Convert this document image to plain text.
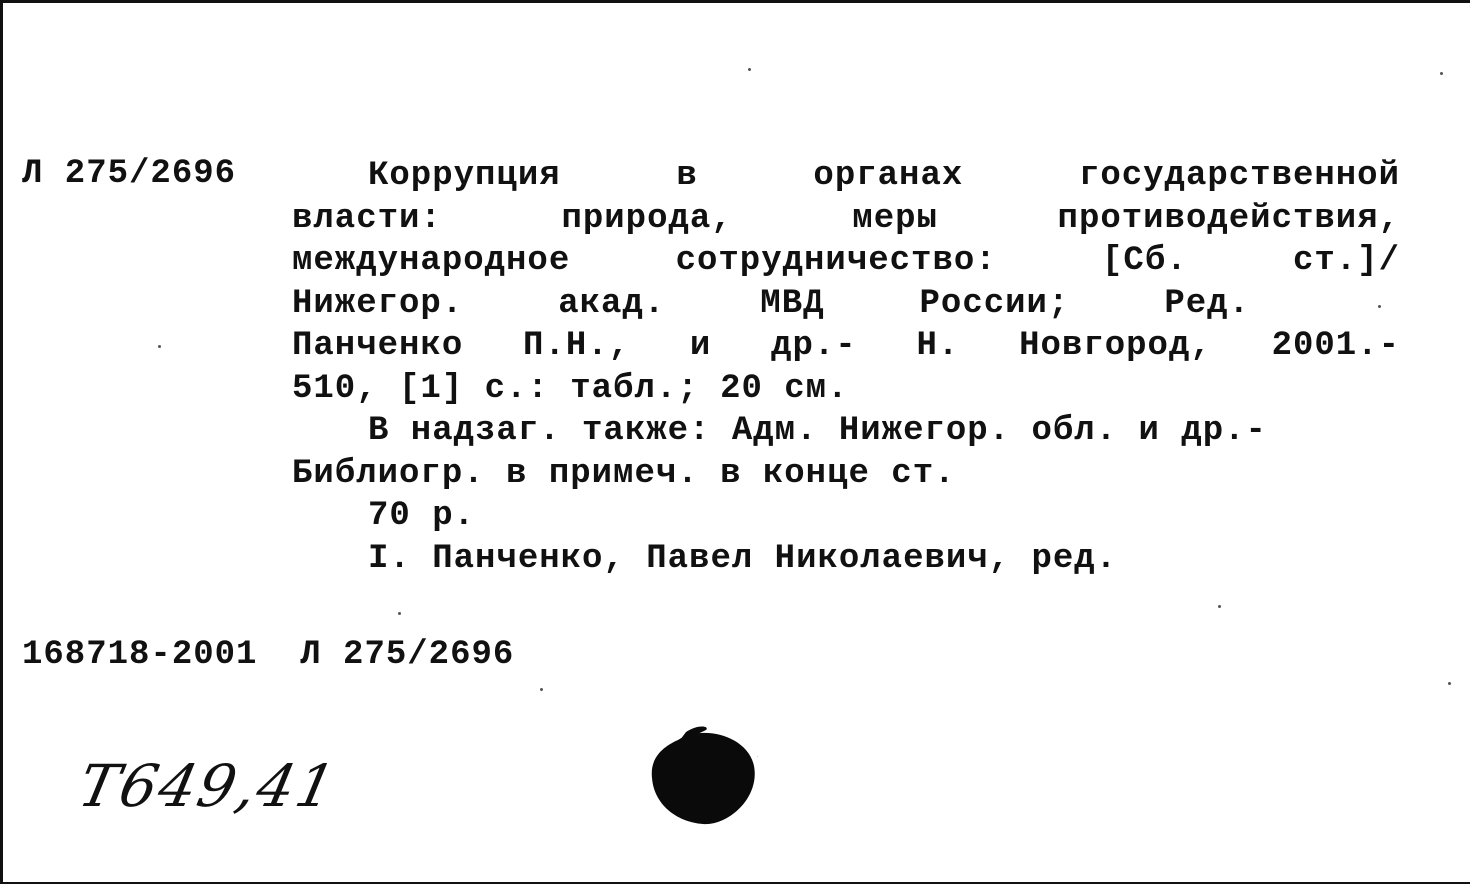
Л 275/2696	Коррупция в органах государственной
власти: природа, меры противодействия,
международное сотрудничество: [Сб. ст.]/
Нижегор. акад. МВД России; Ред.
Панченко П.Н., и др.- Н. Новгород, 2001.-
510, [1] с.: табл.; 20 см.
В надзаг. также: Адм. Нижегор. обл. и др.-
Библиогр. в примеч. в конце ст.
70 р.
I. Панченко, Павел Николаевич, ред.
168718-2001  Л 275/2696
Т649,41
